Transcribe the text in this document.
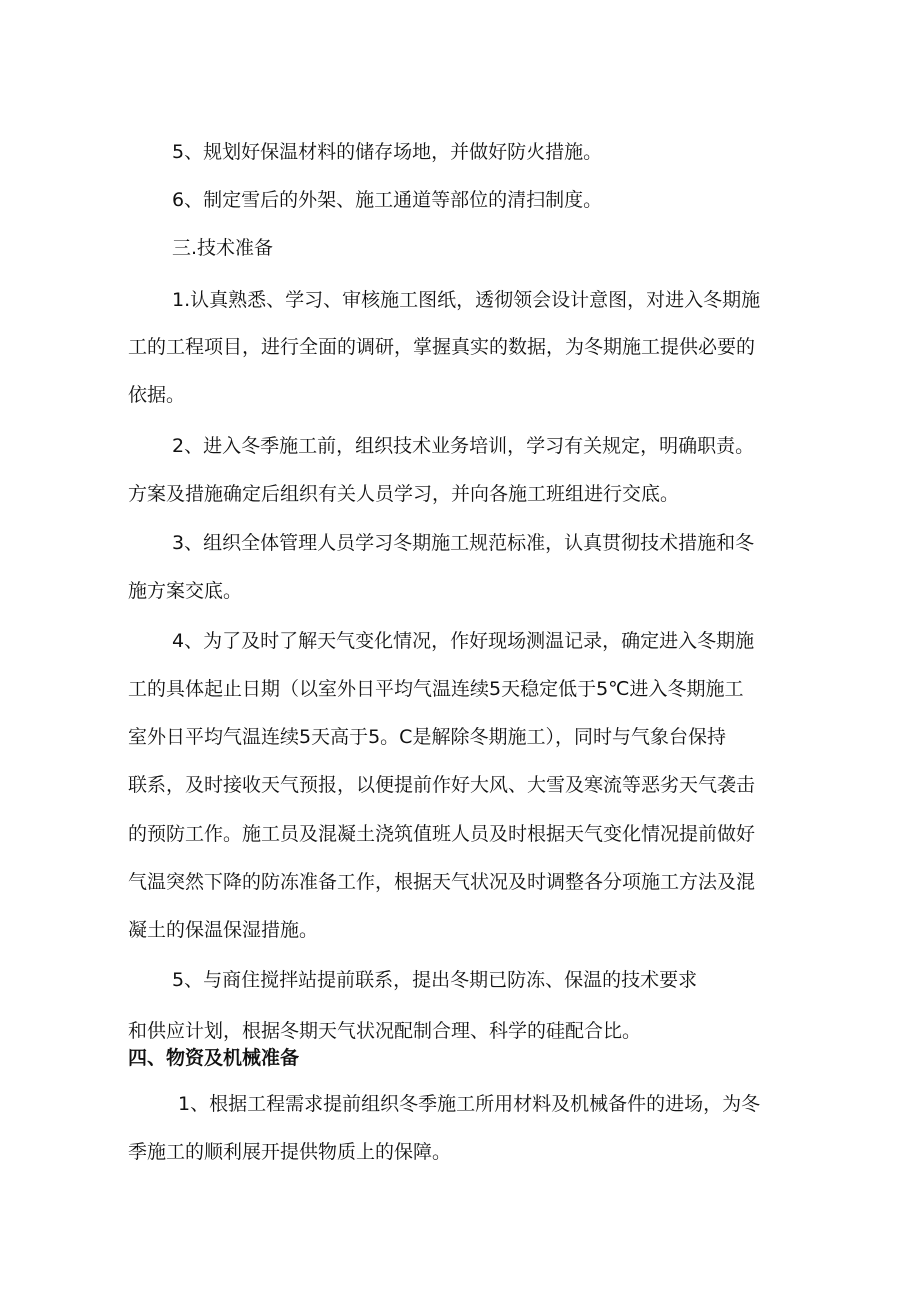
5、规划好保温材料的储存场地，并做好防火措施。
6、制定雪后的外架、施工通道等部位的清扫制度。
三.技术准备
1.认真熟悉、学习、审核施工图纸，透彻领会设计意图，对进入冬期施
工的工程项目，进行全面的调研，掌握真实的数据，为冬期施工提供必要的
依据。
2、进入冬季施工前，组织技术业务培训，学习有关规定，明确职责。
方案及措施确定后组织有关人员学习，并向各施工班组进行交底。
3、组织全体管理人员学习冬期施工规范标准，认真贯彻技术措施和冬
施方案交底。
4、为了及时了解天气变化情况，作好现场测温记录，确定进入冬期施
工的具体起止日期（以室外日平均气温连续5天稳定低于5℃进入冬期施工
室外日平均气温连续5天高于5。C是解除冬期施工），同时与气象台保持
联系，及时接收天气预报，以便提前作好大风、大雪及寒流等恶劣天气袭击
的预防工作。施工员及混凝土浇筑值班人员及时根据天气变化情况提前做好
气温突然下降的防冻准备工作，根据天气状况及时调整各分项施工方法及混
凝土的保温保湿措施。
5、与商住搅拌站提前联系，提出冬期已防冻、保温的技术要求
和供应计划，根据冬期天气状况配制合理、科学的硅配合比。
四、物资及机械准备
1、根据工程需求提前组织冬季施工所用材料及机械备件的进场，为冬
季施工的顺利展开提供物质上的保障。
